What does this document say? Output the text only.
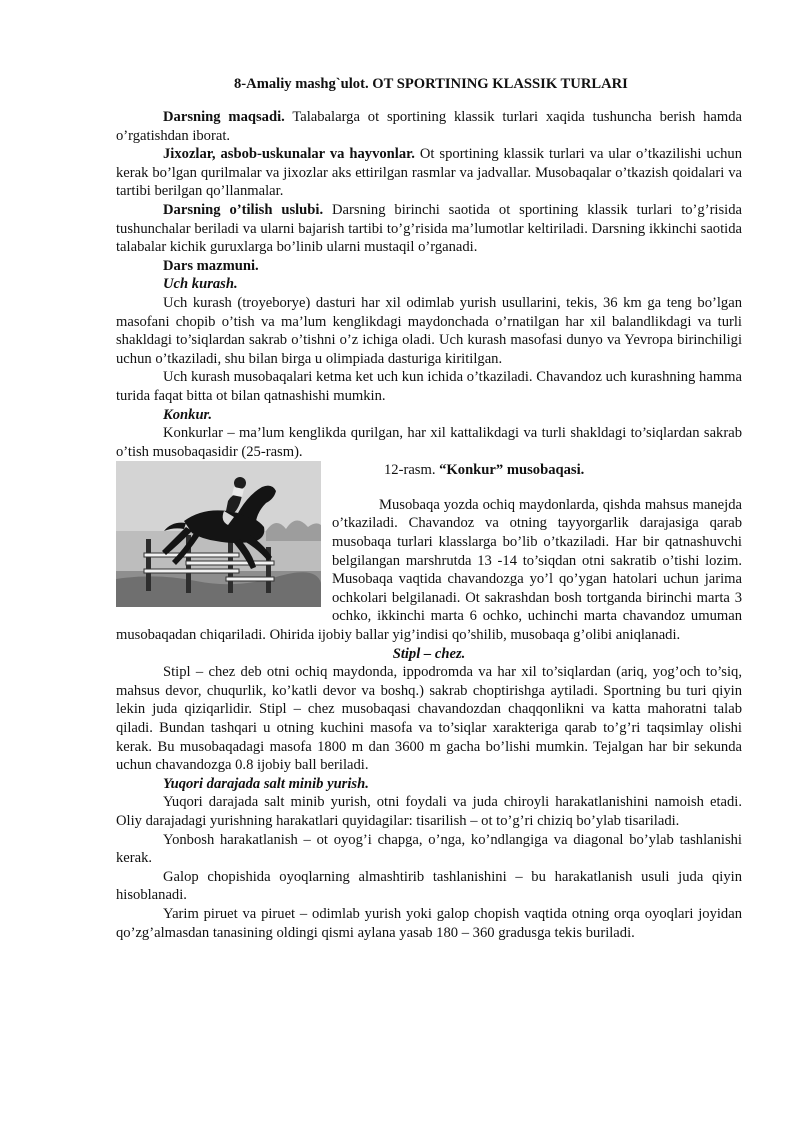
8-Amaliy mashg`ulot. OT SPORTINING KLASSIK TURLARI

Darsning maqsadi. Talabalarga ot sportining klassik turlari xaqida tushuncha berish hamda o’rgatishdan iborat.

Jixozlar, asbob-uskunalar va hayvonlar. Ot sportining klassik turlari va ular o’tkazilishi uchun kerak bo’lgan qurilmalar va jixozlar aks ettirilgan rasmlar va jadvallar. Musobaqalar o’tkazish qoidalari va tartibi berilgan qo’llanmalar.

Darsning o’tilish uslubi. Darsning birinchi saotida ot sportining klassik turlari to’g’risida tushunchalar beriladi va ularni bajarish tartibi to’g’risida ma’lumotlar keltiriladi. Darsning ikkinchi saotida talabalar kichik guruxlarga bo’linib ularni mustaqil o’rganadi.

Dars mazmuni.

Uch kurash.

Uch kurash (troyeborye) dasturi har xil odimlab yurish usullarini, tekis, 36 km ga teng bo’lgan masofani chopib o’tish va ma’lum kenglikdagi maydonchada o’rnatilgan har xil balandlikdagi va turli shakldagi to’siqlardan sakrab o’tishni o’z ichiga oladi. Uch kurash masofasi dunyo va Yevropa birinchiligi uchun o’tkaziladi, shu bilan birga u olimpiada dasturiga kiritilgan.

Uch kurash musobaqalari ketma ket uch kun ichida o’tkaziladi. Chavandoz uch kurashning hamma turida faqat bitta ot bilan qatnashishi mumkin.

Konkur.

Konkurlar – ma’lum kenglikda qurilgan, har xil kattalikdagi va turli shakldagi to’siqlardan sakrab o’tish musobaqasidir (25-rasm).

12-rasm. “Konkur” musobaqasi.

Musobaqa yozda ochiq maydonlarda, qishda mahsus manejda o’tkaziladi. Chavandoz va otning tayyorgarlik darajasiga qarab musobaqa turlari klasslarga bo’lib o’tkaziladi. Har bir qatnashuvchi belgilangan marshrutda 13 -14 to’siqdan otni sakratib o’tishi lozim. Musobaqa vaqtida chavandozga yo’l qo’ygan hatolari uchun jarima ochkolari belgilanadi. Ot sakrashdan bosh tortganda birinchi marta 3 ochko, ikkinchi marta 6 ochko, uchinchi marta chavandoz umuman musobaqadan chiqariladi. Ohirida ijobiy ballar yig’indisi qo’shilib, musobaqa g’olibi aniqlanadi.

Stipl – chez.

Stipl – chez deb otni ochiq maydonda, ippodromda va har xil to’siqlardan (ariq, yog’och to’siq, mahsus devor, chuqurlik, ko’katli devor va boshq.) sakrab choptirishga aytiladi. Sportning bu turi qiyin lekin juda qiziqarlidir. Stipl – chez musobaqasi chavandozdan chaqqonlikni va katta mahoratni talab qiladi. Bundan tashqari u otning kuchini masofa va to’siqlar xarakteriga qarab to’g’ri taqsimlay olishi kerak. Bu musobaqadagi masofa 1800 m dan 3600 m gacha bo’lishi mumkin. Tejalgan har bir sekunda uchun chavandozga 0.8 ijobiy ball beriladi.

Yuqori darajada salt minib yurish.

Yuqori darajada salt minib yurish, otni foydali va juda chiroyli harakatlanishini namoish etadi. Oliy darajadagi yurishning harakatlari quyidagilar: tisarilish – ot to’g’ri chiziq bo’ylab tisariladi.

Yonbosh harakatlanish – ot oyog’i chapga, o’nga, ko’ndlangiga va diagonal bo’ylab tashlanishi kerak.

Galop chopishida oyoqlarning almashtirib tashlanishini – bu harakatlanish usuli juda qiyin hisoblanadi.

Yarim piruet va piruet – odimlab yurish yoki galop chopish vaqtida otning orqa oyoqlari joyidan qo’zg’almasdan tanasining oldingi qismi aylana yasab 180 – 360 gradusga tekis buriladi.
